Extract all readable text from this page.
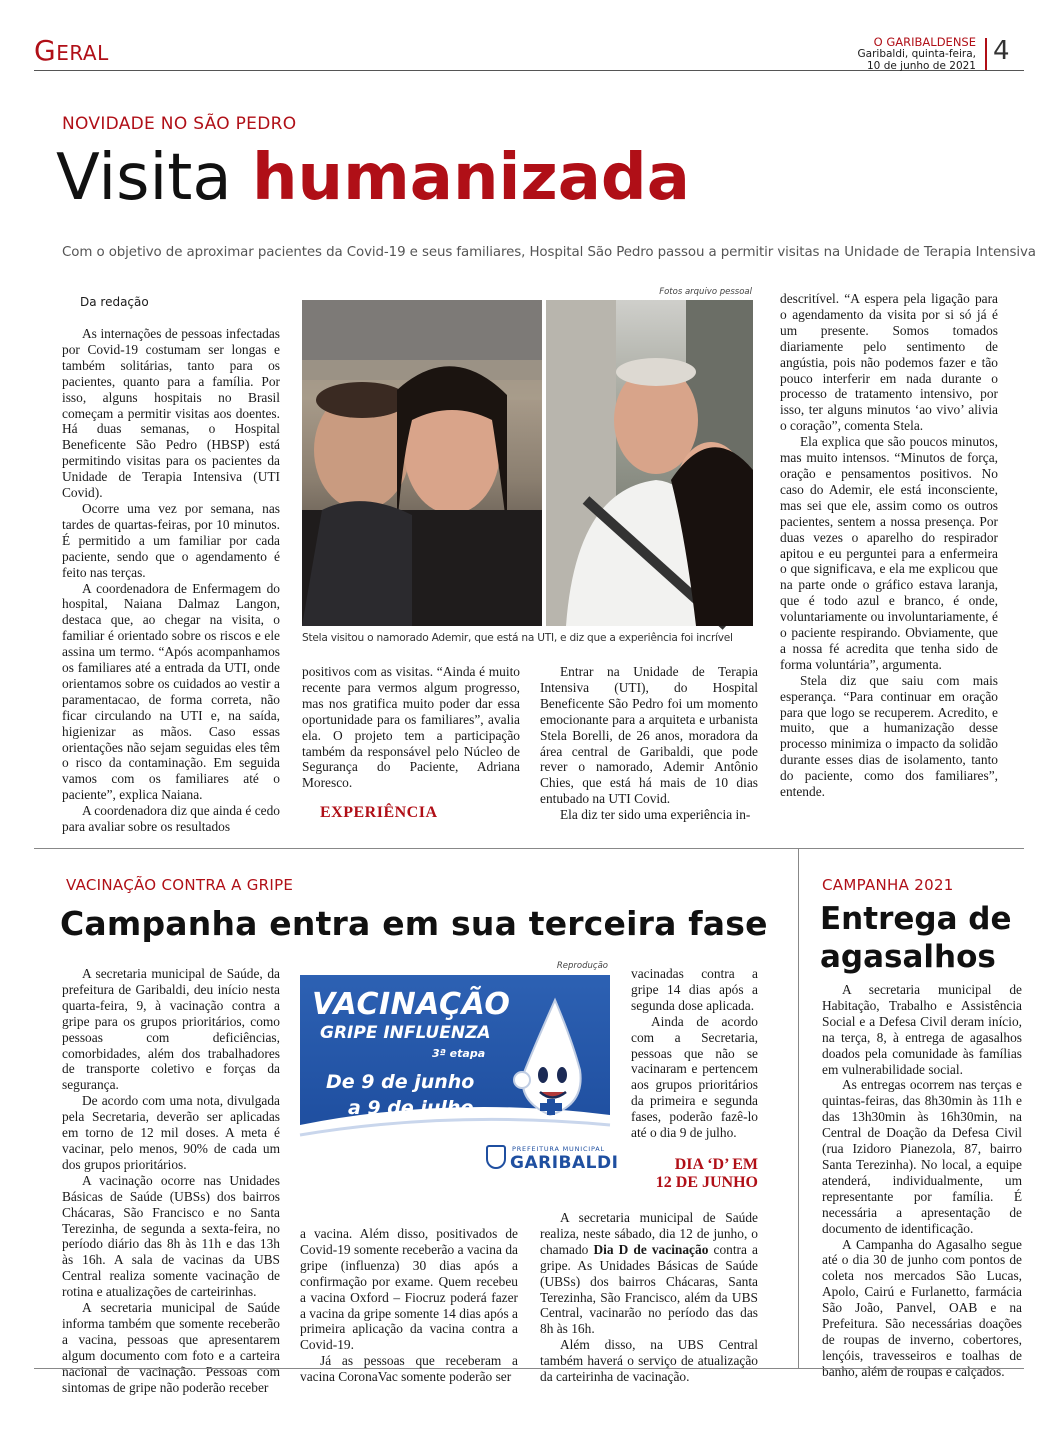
Geral	O GARIBALDENSE
Garibaldi, quinta-feira,
10 de junho de 2021 4
NOVIDADE NO SÃO PEDRO
Visita humanizada
Com o objetivo de aproximar pacientes da Covid-19 e seus familiares, Hospital São Pedro passou a permitir visitas na Unidade de Terapia Intensiva
Da redação

As internações de pessoas infectadas por Covid-19 costumam ser longas e também solitárias, tanto para os pacientes, quanto para a família. Por isso, alguns hospitais no Brasil começam a permitir visitas aos doentes. Há duas semanas, o Hospital Beneficente São Pedro (HBSP) está permitindo visitas para os pacientes da Unidade de Terapia Intensiva (UTI Covid).

Ocorre uma vez por semana, nas tardes de quartas-feiras, por 10 minutos. É permitido a um familiar por cada paciente, sendo que o agendamento é feito nas terças.

A coordenadora de Enfermagem do hospital, Naiana Dalmaz Langon, destaca que, ao chegar na visita, o familiar é orientado sobre os riscos e ele assina um termo. “Após acompanhamos os familiares até a entrada da UTI, onde orientamos sobre os cuidados ao vestir a paramentacao, de forma correta, não ficar circulando na UTI e, na saída, higienizar as mãos. Caso essas orientações não sejam seguidas eles têm o risco da contaminação. Em seguida vamos com os familiares até o paciente”, explica Naiana.

A coordenadora diz que ainda é cedo para avaliar sobre os resultados

Fotos arquivo pessoal
Stela visitou o namorado Ademir, que está na UTI, e diz que a experiência foi incrível

positivos com as visitas. “Ainda é muito recente para vermos algum progresso, mas nos gratifica muito poder dar essa oportunidade para os familiares”, avalia ela. O projeto tem a participação também da responsável pelo Núcleo de Segurança do Paciente, Adriana Moresco.

EXPERIÊNCIA

Entrar na Unidade de Terapia Intensiva (UTI), do Hospital Beneficente São Pedro foi um momento emocionante para a arquiteta e urbanista Stela Borelli, de 26 anos, moradora da área central de Garibaldi, que pode rever o namorado, Ademir Antônio Chies, que está há mais de 10 dias entubado na UTI Covid.

Ela diz ter sido uma experiência in-

descritível. “A espera pela ligação para o agendamento da visita por si só já é um presente. Somos tomados diariamente pelo sentimento de angústia, pois não podemos fazer e tão pouco interferir em nada durante o processo de tratamento intensivo, por isso, ter alguns minutos ‘ao vivo’ alivia o coração”, comenta Stela.

Ela explica que são poucos minutos, mas muito intensos. “Minutos de força, oração e pensamentos positivos. No caso do Ademir, ele está inconsciente, mas sei que ele, assim como os outros pacientes, sentem a nossa presença. Por duas vezes o aparelho do respirador apitou e eu perguntei para a enfermeira o que significava, e ela me explicou que na parte onde o gráfico estava laranja, que é todo azul e branco, é onde, voluntariamente ou involuntariamente, é o paciente respirando. Obviamente, que a nossa fé acredita que tenha sido de forma voluntária”, argumenta.

Stela diz que saiu com mais esperança. “Para continuar em oração para que logo se recuperem. Acredito, e muito, que a humanização desse processo minimiza o impacto da solidão durante esses dias de isolamento, tanto do paciente, como dos familiares”, entende.

VACINAÇÃO CONTRA A GRIPE
Campanha entra em sua terceira fase

A secretaria municipal de Saúde, da prefeitura de Garibaldi, deu início nesta quarta-feira, 9, à vacinação contra a gripe para os grupos prioritários, como pessoas com deficiências, comorbidades, além dos trabalhadores de transporte coletivo e forças da segurança.

De acordo com uma nota, divulgada pela Secretaria, deverão ser aplicadas em torno de 12 mil doses. A meta é vacinar, pelo menos, 90% de cada um dos grupos prioritários.

A vacinação ocorre nas Unidades Básicas de Saúde (UBSs) dos bairros Chácaras, São Francisco e no Santa Terezinha, de segunda a sexta-feira, no período diário das 8h às 11h e das 13h às 16h. A sala de vacinas da UBS Central realiza somente vacinação de rotina e atualizações de carteirinhas.

A secretaria municipal de Saúde informa também que somente receberão a vacina, pessoas que apresentarem algum documento com foto e a carteira nacional de vacinação. Pessoas com sintomas de gripe não poderão receber

Reprodução
VACINAÇÃO
GRIPE INFLUENZA
3ª etapa
De 9 de junho
a 9 de julho
PREFEITURA MUNICIPAL
GARIBALDI

a vacina. Além disso, positivados de Covid-19 somente receberão a vacina da gripe (influenza) 30 dias após a confirmação por exame. Quem recebeu a vacina Oxford – Fiocruz poderá fazer a vacina da gripe somente 14 dias após a primeira aplicação da vacina contra a Covid-19.

Já as pessoas que receberam a vacina CoronaVac somente poderão ser

vacinadas contra a gripe 14 dias após a segunda dose aplicada.

Ainda de acordo com a Secretaria, pessoas que não se vacinaram e pertencem aos grupos prioritários da primeira e segunda fases, poderão fazê-lo até o dia 9 de julho.

DIA ‘D’ EM
12 DE JUNHO

A secretaria municipal de Saúde realiza, neste sábado, dia 12 de junho, o chamado Dia D de vacinação contra a gripe. As Unidades Básicas de Saúde (UBSs) dos bairros Chácaras, Santa Terezinha, São Francisco, além da UBS Central, vacinarão no período das das 8h às 16h.

Além disso, na UBS Central também haverá o serviço de atualização da carteirinha de vacinação.

CAMPANHA 2021
Entrega de
agasalhos

A secretaria municipal de Habitação, Trabalho e Assistência Social e a Defesa Civil deram início, na terça, 8, à entrega de agasalhos doados pela comunidade às famílias em vulnerabilidade social.

As entregas ocorrem nas terças e quintas-feiras, das 8h30min às 11h e das 13h30min às 16h30min, na Central de Doação da Defesa Civil (rua Izidoro Pianezola, 87, bairro Santa Terezinha). No local, a equipe atenderá, individualmente, um representante por família. É necessária a apresentação de documento de identificação.

A Campanha do Agasalho segue até o dia 30 de junho com pontos de coleta nos mercados São Lucas, Apolo, Cairú e Furlanetto, farmácia São João, Panvel, OAB e na Prefeitura. São necessárias doações de roupas de inverno, cobertores, lençóis, travesseiros e toalhas de banho, além de roupas e calçados.
